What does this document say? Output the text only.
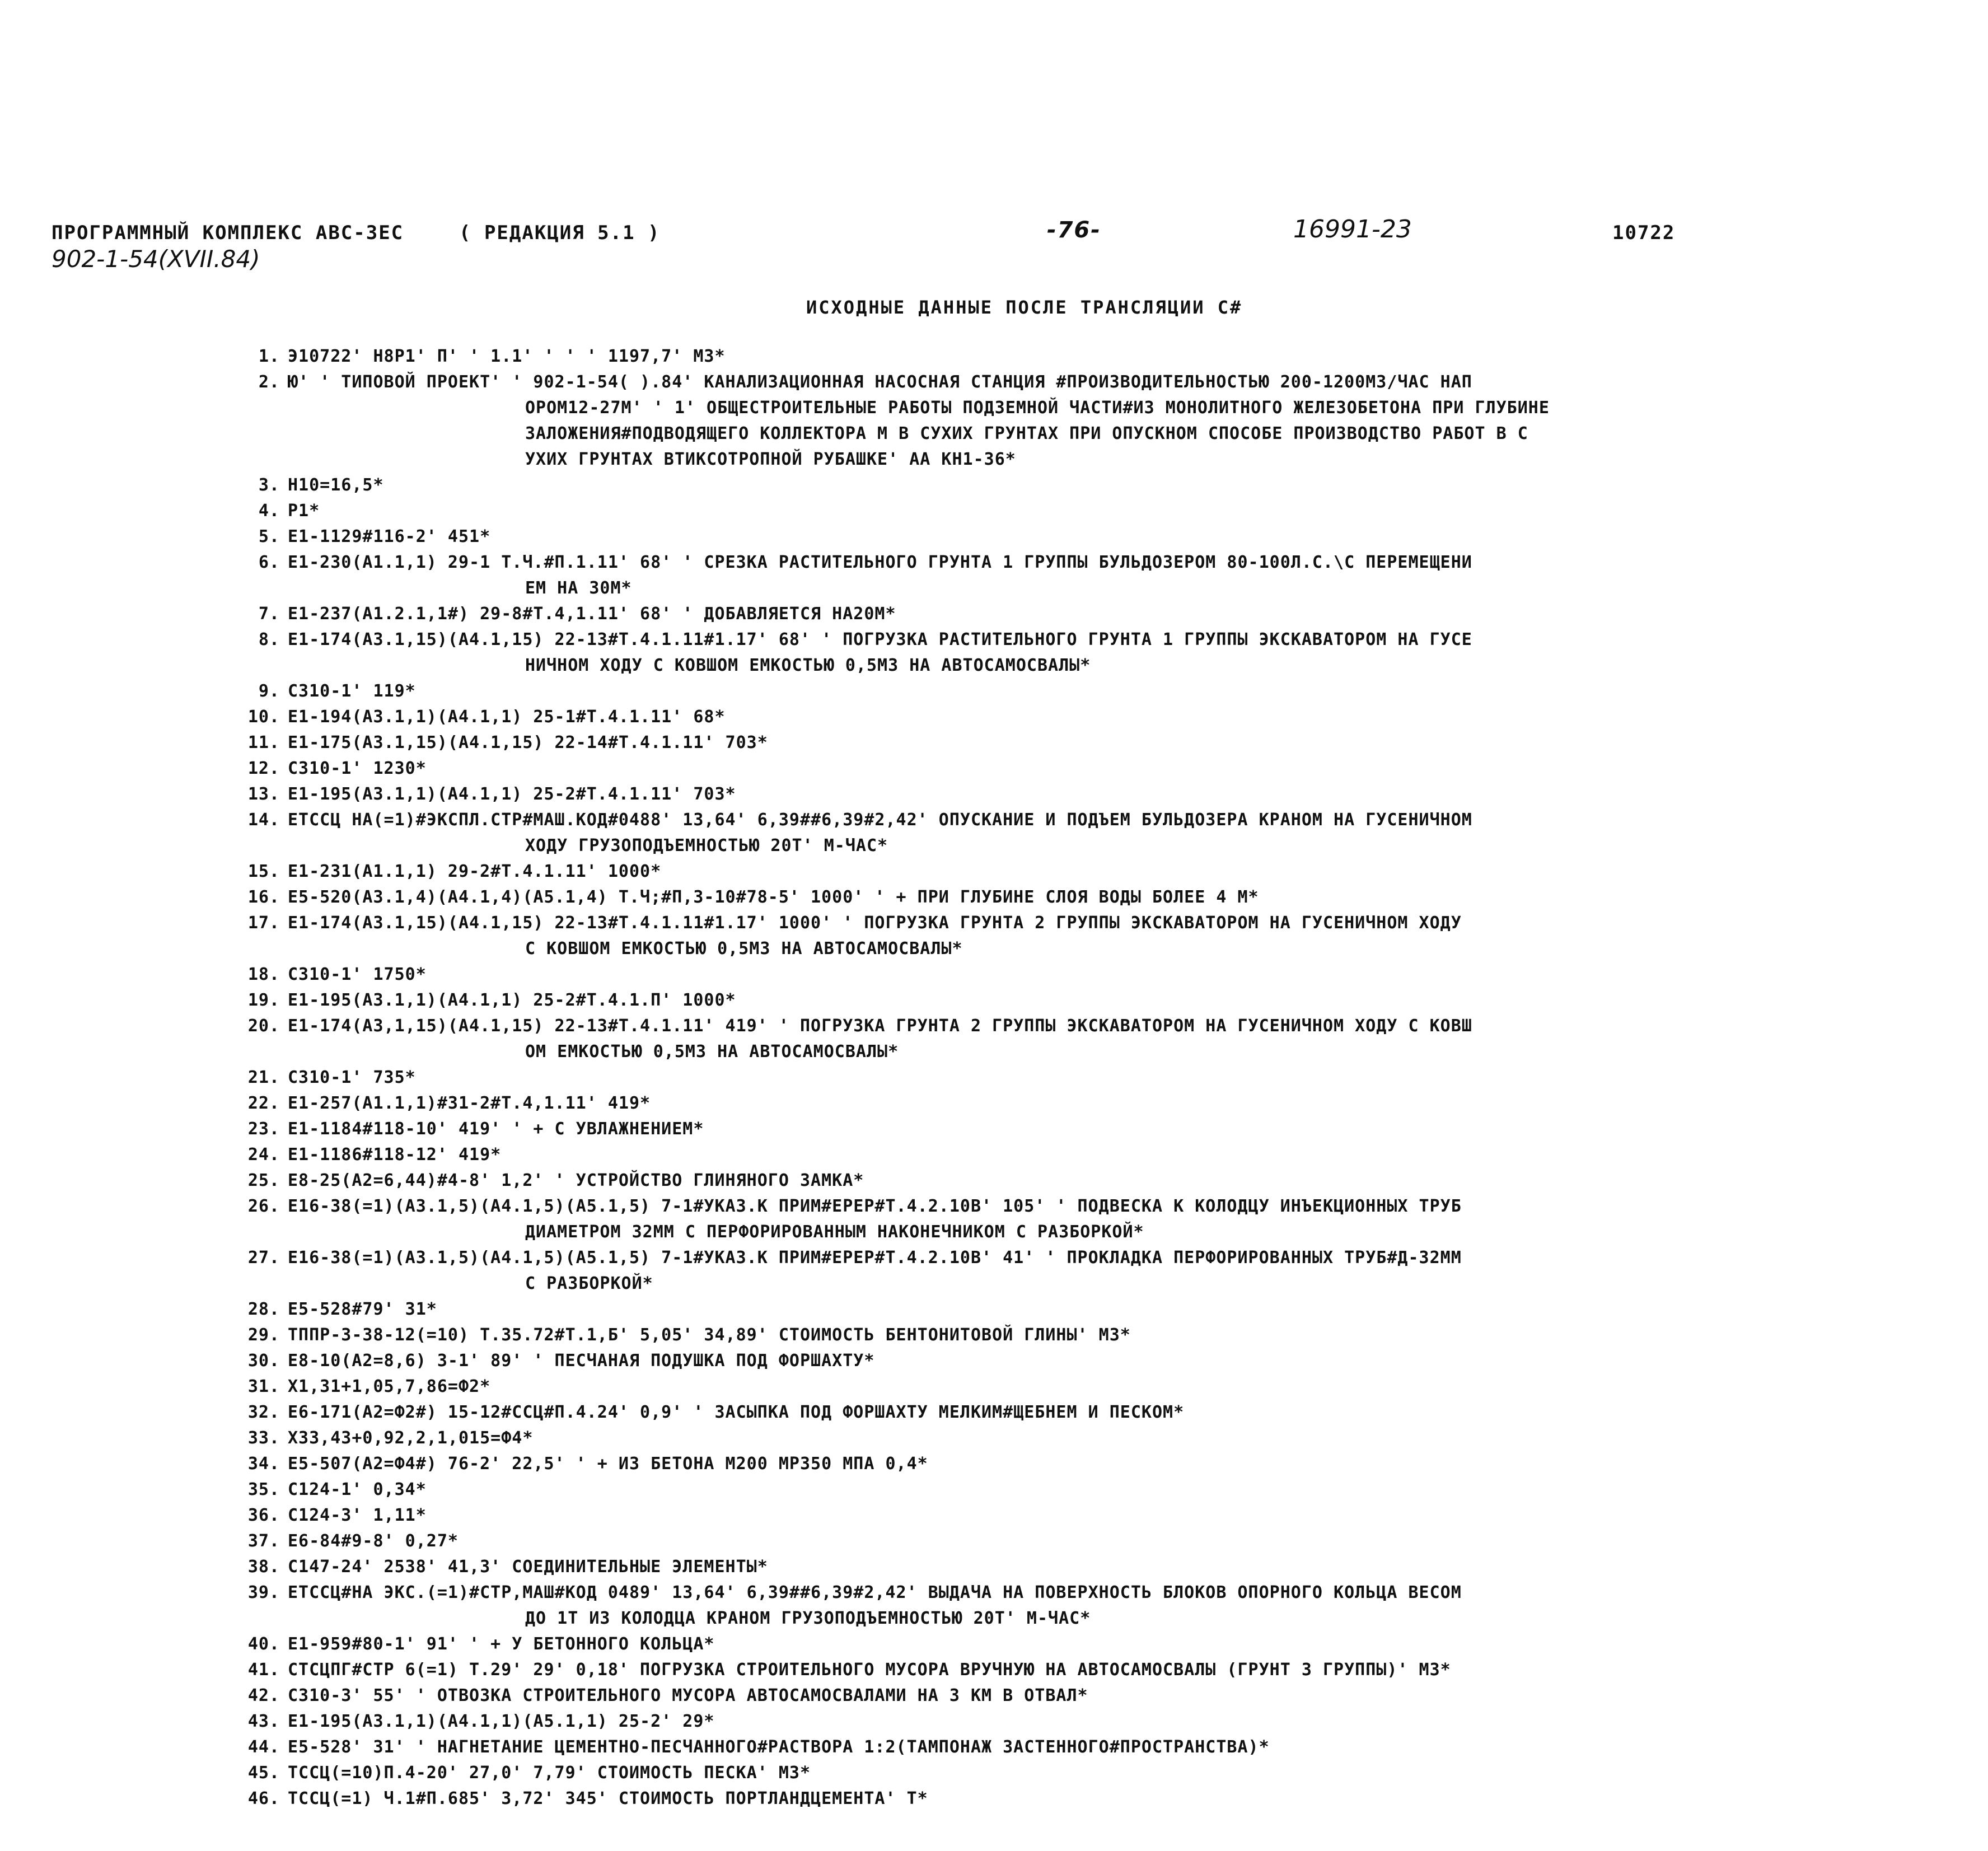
ПРОГРАММНЫЙ КОМПЛЕКС АВС-3ЕС	( РЕДАКЦИЯ 5.1 )	-76-	16991-23	10722
902-1-54(XVII.84)
ИСХОДНЫЕ ДАННЫЕ ПОСЛЕ ТРАНСЛЯЦИИ С#
1. Э10722' Н8Р1' П' ' 1.1' ' ' ' 1197,7' М3*
2. Ю' ' ТИПОВОЙ ПРОЕКТ' ' 902-1-54( ).84' КАНАЛИЗАЦИОННАЯ НАСОСНАЯ СТАНЦИЯ #ПРОИЗВОДИТЕЛЬНОСТЬЮ 200-1200М3/ЧАС НАП
ОРОМ12-27М' ' 1' ОБЩЕСТРОИТЕЛЬНЫЕ РАБОТЫ ПОДЗЕМНОЙ ЧАСТИ#ИЗ МОНОЛИТНОГО ЖЕЛЕЗОБЕТОНА ПРИ ГЛУБИНЕ
ЗАЛОЖЕНИЯ#ПОДВОДЯЩЕГО КОЛЛЕКТОРА М В СУХИХ ГРУНТАХ ПРИ ОПУСКНОМ СПОСОБЕ ПРОИЗВОДСТВО РАБОТ В С
УХИХ ГРУНТАХ ВТИКСОТРОПНОЙ РУБАШКЕ' АА КН1-36*
3. Н10=16,5*
4. Р1*
5. Е1-1129#116-2' 451*
6. Е1-230(А1.1,1) 29-1 Т.Ч.#П.1.11' 68' ' СРЕЗКА РАСТИТЕЛЬНОГО ГРУНТА 1 ГРУППЫ БУЛЬДОЗЕРОМ 80-100Л.С.\С ПЕРЕМЕЩЕНИ
ЕМ НА 30М*
7. Е1-237(А1.2.1,1#) 29-8#Т.4,1.11' 68' ' ДОБАВЛЯЕТСЯ НА20М*
8. Е1-174(А3.1,15)(А4.1,15) 22-13#Т.4.1.11#1.17' 68' ' ПОГРУЗКА РАСТИТЕЛЬНОГО ГРУНТА 1 ГРУППЫ ЭКСКАВАТОРОМ НА ГУСЕ
НИЧНОМ ХОДУ С КОВШОМ ЕМКОСТЬЮ 0,5М3 НА АВТОСАМОСВАЛЫ*
9. С310-1' 119*
10. Е1-194(А3.1,1)(А4.1,1) 25-1#Т.4.1.11' 68*
11. Е1-175(А3.1,15)(А4.1,15) 22-14#Т.4.1.11' 703*
12. С310-1' 1230*
13. Е1-195(А3.1,1)(А4.1,1) 25-2#Т.4.1.11' 703*
14. ЕТССЦ НА(=1)#ЭКСПЛ.СТР#МАШ.КОД#0488' 13,64' 6,39##6,39#2,42' ОПУСКАНИЕ И ПОДЪЕМ БУЛЬДОЗЕРА КРАНОМ НА ГУСЕНИЧНОМ
ХОДУ ГРУЗОПОДЪЕМНОСТЬЮ 20Т' М-ЧАС*
15. Е1-231(А1.1,1) 29-2#Т.4.1.11' 1000*
16. Е5-520(А3.1,4)(А4.1,4)(А5.1,4) Т.Ч;#П,3-10#78-5' 1000' ' + ПРИ ГЛУБИНЕ СЛОЯ ВОДЫ БОЛЕЕ 4 М*
17. Е1-174(А3.1,15)(А4.1,15) 22-13#Т.4.1.11#1.17' 1000' ' ПОГРУЗКА ГРУНТА 2 ГРУППЫ ЭКСКАВАТОРОМ НА ГУСЕНИЧНОМ ХОДУ
С КОВШОМ ЕМКОСТЬЮ 0,5М3 НА АВТОСАМОСВАЛЫ*
18. С310-1' 1750*
19. Е1-195(А3.1,1)(А4.1,1) 25-2#Т.4.1.П' 1000*
20. Е1-174(А3,1,15)(А4.1,15) 22-13#Т.4.1.11' 419' ' ПОГРУЗКА ГРУНТА 2 ГРУППЫ ЭКСКАВАТОРОМ НА ГУСЕНИЧНОМ ХОДУ С КОВШ
ОМ ЕМКОСТЬЮ 0,5М3 НА АВТОСАМОСВАЛЫ*
21. С310-1' 735*
22. Е1-257(А1.1,1)#31-2#Т.4,1.11' 419*
23. Е1-1184#118-10' 419' ' + С УВЛАЖНЕНИЕМ*
24. Е1-1186#118-12' 419*
25. Е8-25(А2=6,44)#4-8' 1,2' ' УСТРОЙСТВО ГЛИНЯНОГО ЗАМКА*
26. Е16-38(=1)(А3.1,5)(А4.1,5)(А5.1,5) 7-1#УКАЗ.К ПРИМ#ЕРЕР#Т.4.2.10В' 105' ' ПОДВЕСКА К КОЛОДЦУ ИНЪЕКЦИОННЫХ ТРУБ
ДИАМЕТРОМ 32ММ С ПЕРФОРИРОВАННЫМ НАКОНЕЧНИКОМ С РАЗБОРКОЙ*
27. Е16-38(=1)(А3.1,5)(А4.1,5)(А5.1,5) 7-1#УКАЗ.К ПРИМ#ЕРЕР#Т.4.2.10В' 41' ' ПРОКЛАДКА ПЕРФОРИРОВАННЫХ ТРУБ#Д-32ММ
С РАЗБОРКОЙ*
28. Е5-528#79' 31*
29. ТППР-3-38-12(=10) Т.35.72#Т.1,Б' 5,05' 34,89' СТОИМОСТЬ БЕНТОНИТОВОЙ ГЛИНЫ' М3*
30. Е8-10(А2=8,6) 3-1' 89' ' ПЕСЧАНАЯ ПОДУШКА ПОД ФОРШАХТУ*
31. Х1,31+1,05,7,86=Ф2*
32. Е6-171(А2=Ф2#) 15-12#ССЦ#П.4.24' 0,9' ' ЗАСЫПКА ПОД ФОРШАХТУ МЕЛКИМ#ЩЕБНЕМ И ПЕСКОМ*
33. Х33,43+0,92,2,1,015=Ф4*
34. Е5-507(А2=Ф4#) 76-2' 22,5' ' + ИЗ БЕТОНА М200 МРЗ50 МПА 0,4*
35. С124-1' 0,34*
36. С124-3' 1,11*
37. Е6-84#9-8' 0,27*
38. С147-24' 2538' 41,3' СОЕДИНИТЕЛЬНЫЕ ЭЛЕМЕНТЫ*
39. ЕТССЦ#НА ЭКС.(=1)#СТР,МАШ#КОД 0489' 13,64' 6,39##6,39#2,42' ВЫДАЧА НА ПОВЕРХНОСТЬ БЛОКОВ ОПОРНОГО КОЛЬЦА ВЕСОМ
ДО 1Т ИЗ КОЛОДЦА КРАНОМ ГРУЗОПОДЪЕМНОСТЬЮ 20Т' М-ЧАС*
40. Е1-959#80-1' 91' ' + У БЕТОННОГО КОЛЬЦА*
41. СТСЦПГ#СТР 6(=1) Т.29' 29' 0,18' ПОГРУЗКА СТРОИТЕЛЬНОГО МУСОРА ВРУЧНУЮ НА АВТОСАМОСВАЛЫ (ГРУНТ 3 ГРУППЫ)' М3*
42. С310-3' 55' ' ОТВОЗКА СТРОИТЕЛЬНОГО МУСОРА АВТОСАМОСВАЛАМИ НА 3 КМ В ОТВАЛ*
43. Е1-195(А3.1,1)(А4.1,1)(А5.1,1) 25-2' 29*
44. Е5-528' 31' ' НАГНЕТАНИЕ ЦЕМЕНТНО-ПЕСЧАННОГО#РАСТВОРА 1:2(ТАМПОНАЖ ЗАСТЕННОГО#ПРОСТРАНСТВА)*
45. ТССЦ(=10)П.4-20' 27,0' 7,79' СТОИМОСТЬ ПЕСКА' М3*
46. ТССЦ(=1) Ч.1#П.685' 3,72' 345' СТОИМОСТЬ ПОРТЛАНДЦЕМЕНТА' Т*
